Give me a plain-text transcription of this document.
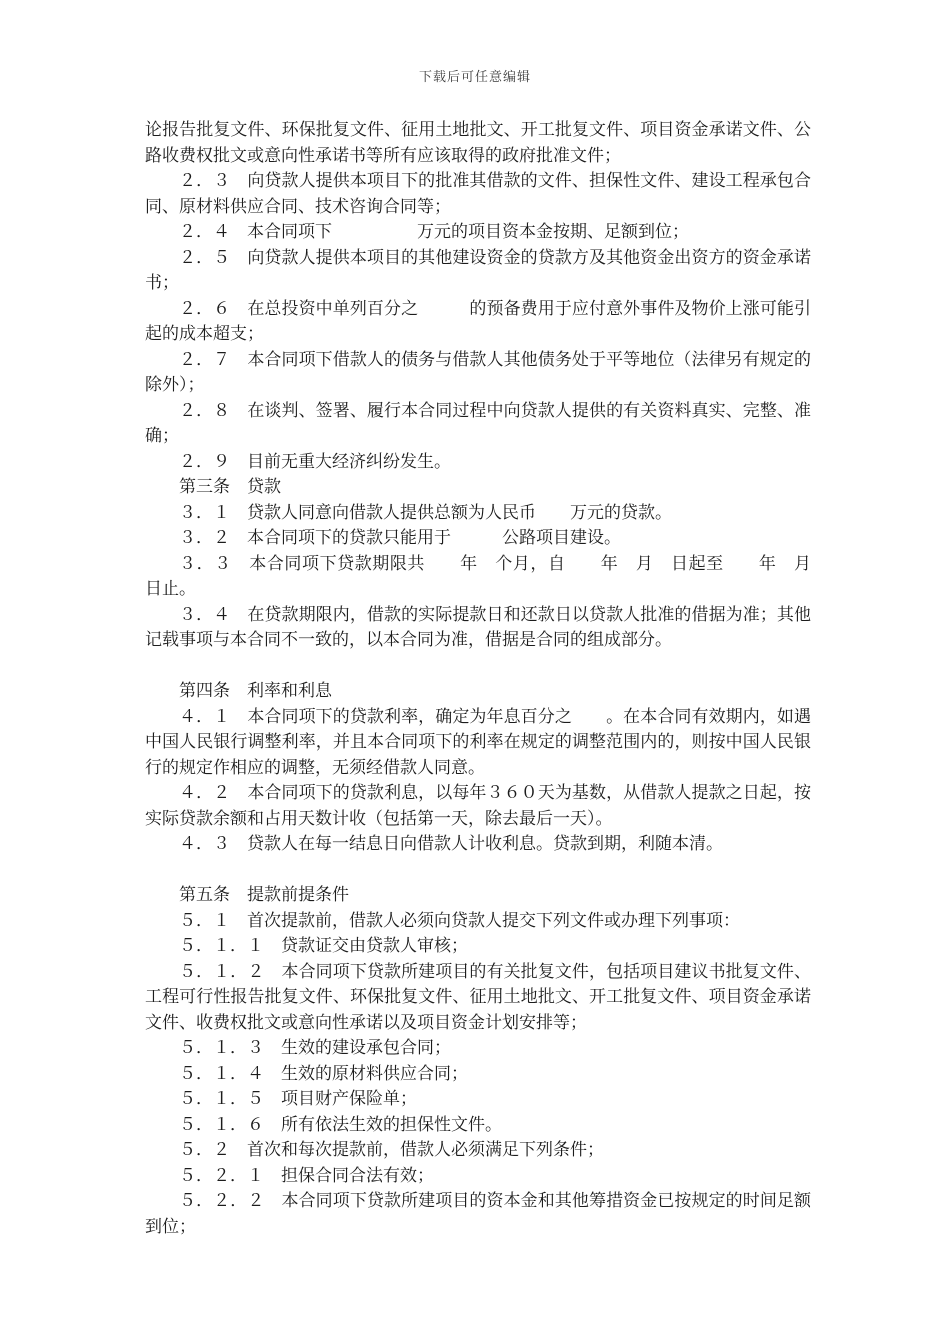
下载后可任意编辑

论报告批复文件、环保批复文件、征用土地批文、开工批复文件、项目资金承诺文件、公路收费权批文或意向性承诺书等所有应该取得的政府批准文件；

２．３　向贷款人提供本项目下的批准其借款的文件、担保性文件、建设工程承包合同、原材料供应合同、技术咨询合同等；

２．４　本合同项下　　　　　万元的项目资本金按期、足额到位；

２．５　向贷款人提供本项目的其他建设资金的贷款方及其他资金出资方的资金承诺书；

２．６　在总投资中单列百分之　　　的预备费用于应付意外事件及物价上涨可能引起的成本超支；

２．７　本合同项下借款人的债务与借款人其他债务处于平等地位（法律另有规定的除外）；

２．８　在谈判、签署、履行本合同过程中向贷款人提供的有关资料真实、完整、准确；

２．９　目前无重大经济纠纷发生。

第三条　贷款

３．１　贷款人同意向借款人提供总额为人民币　　万元的贷款。

３．２　本合同项下的贷款只能用于　　　公路项目建设。

３．３　本合同项下贷款期限共　　年　个月，自　　年　月　日起至　　年　月　日止。

３．４　在贷款期限内，借款的实际提款日和还款日以贷款人批准的借据为准；其他记载事项与本合同不一致的，以本合同为准，借据是合同的组成部分。

第四条　利率和利息

４．１　本合同项下的贷款利率，确定为年息百分之　　。在本合同有效期内，如遇中国人民银行调整利率，并且本合同项下的利率在规定的调整范围内的，则按中国人民银行的规定作相应的调整，无须经借款人同意。

４．２　本合同项下的贷款利息，以每年３６０天为基数，从借款人提款之日起，按实际贷款余额和占用天数计收（包括第一天，除去最后一天）。

４．３　贷款人在每一结息日向借款人计收利息。贷款到期，利随本清。

第五条　提款前提条件

５．１　首次提款前，借款人必须向贷款人提交下列文件或办理下列事项：

５．１．１　贷款证交由贷款人审核；

５．１．２　本合同项下贷款所建项目的有关批复文件，包括项目建议书批复文件、工程可行性报告批复文件、环保批复文件、征用土地批文、开工批复文件、项目资金承诺文件、收费权批文或意向性承诺以及项目资金计划安排等；

５．１．３　生效的建设承包合同；

５．１．４　生效的原材料供应合同；

５．１．５　项目财产保险单；

５．１．６　所有依法生效的担保性文件。

５．２　首次和每次提款前，借款人必须满足下列条件；

５．２．１　担保合同合法有效；

５．２．２　本合同项下贷款所建项目的资本金和其他筹措资金已按规定的时间足额到位；
